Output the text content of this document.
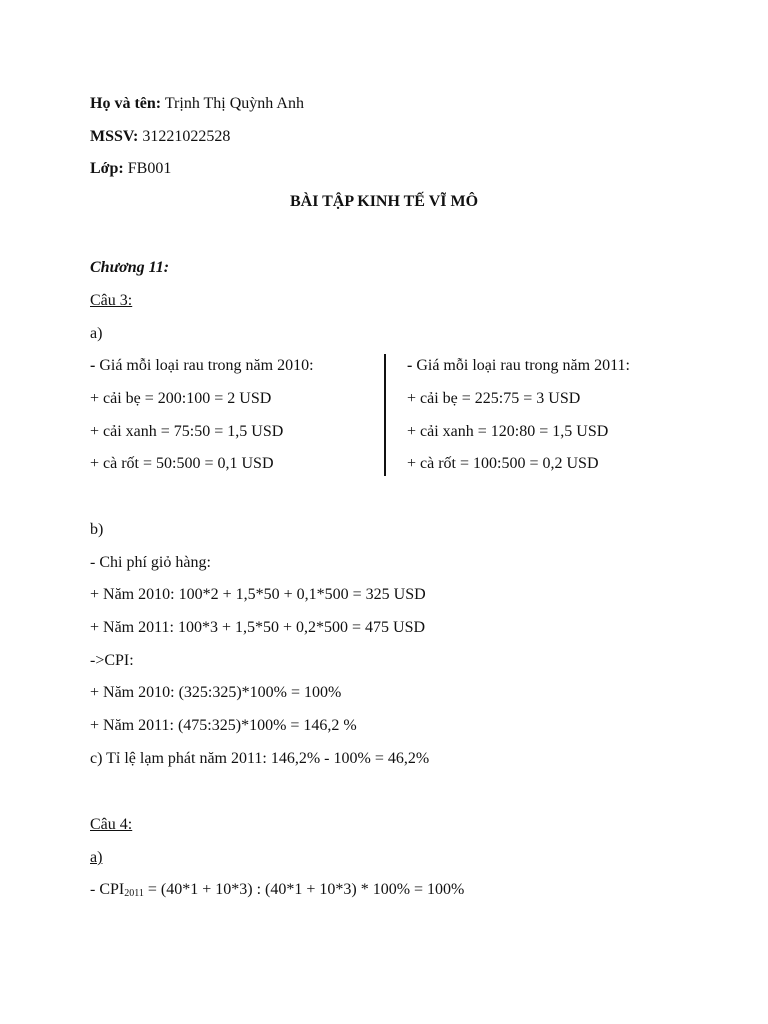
Họ và tên: Trịnh Thị Quỳnh Anh
MSSV: 31221022528
Lớp: FB001
BÀI TẬP KINH TẾ VĨ MÔ
Chương 11:
Câu 3:
a)
- Giá mỗi loại rau trong năm 2010:
+ cải bẹ = 200:100 = 2 USD
+ cải xanh = 75:50 = 1,5 USD
+ cà rốt = 50:500 = 0,1 USD
- Giá mỗi loại rau trong năm 2011:
+ cải bẹ = 225:75 = 3 USD
+ cải xanh = 120:80 = 1,5 USD
+ cà rốt = 100:500 = 0,2 USD
b)
- Chi phí giỏ hàng:
+ Năm 2010: 100*2 + 1,5*50 + 0,1*500 = 325 USD
+ Năm 2011: 100*3 + 1,5*50 + 0,2*500 = 475 USD
->CPI:
+ Năm 2010: (325:325)*100% = 100%
+ Năm 2011: (475:325)*100% = 146,2 %
c) Tỉ lệ lạm phát năm 2011: 146,2% - 100% = 46,2%
Câu 4:
a)
- $CPI_{2011} = (40*1 + 10*3)$ : (40*1 + 10*3) * 100% = 100%
